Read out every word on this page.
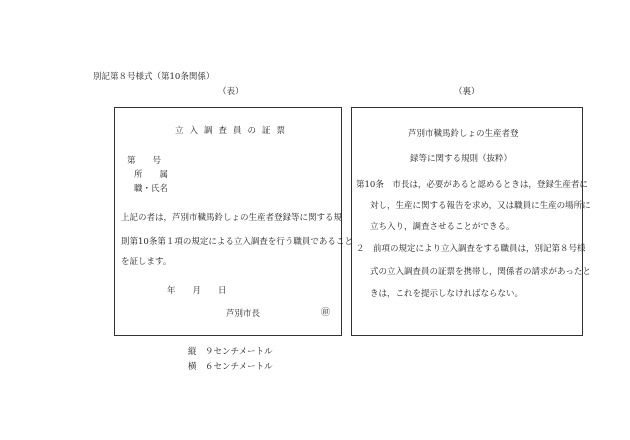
別記第８号様式（第10条関係）
（表）	（裏）
立入調査員の証票
第　　号
所　　属
職・氏名
上記の者は，芦別市穢馬鈴しょの生産者登録等に関する規
則第10条第１項の規定による立入調査を行う職員であること
を証します。
年　　月　　日
芦別市長	㊞
芦別市穢馬鈴しょの生産者登
録等に関する規則（抜粋）
第10条　市長は，必要があると認めるときは，登録生産者に
対し，生産に関する報告を求め，又は職員に生産の場所に
立ち入り，調査させることができる。
２　前項の規定により立入調査をする職員は，別記第８号様
式の立入調査員の証票を携帯し，関係者の請求があったと
きは，これを提示しなければならない。
縦　９センチメートル
横　６センチメートル
